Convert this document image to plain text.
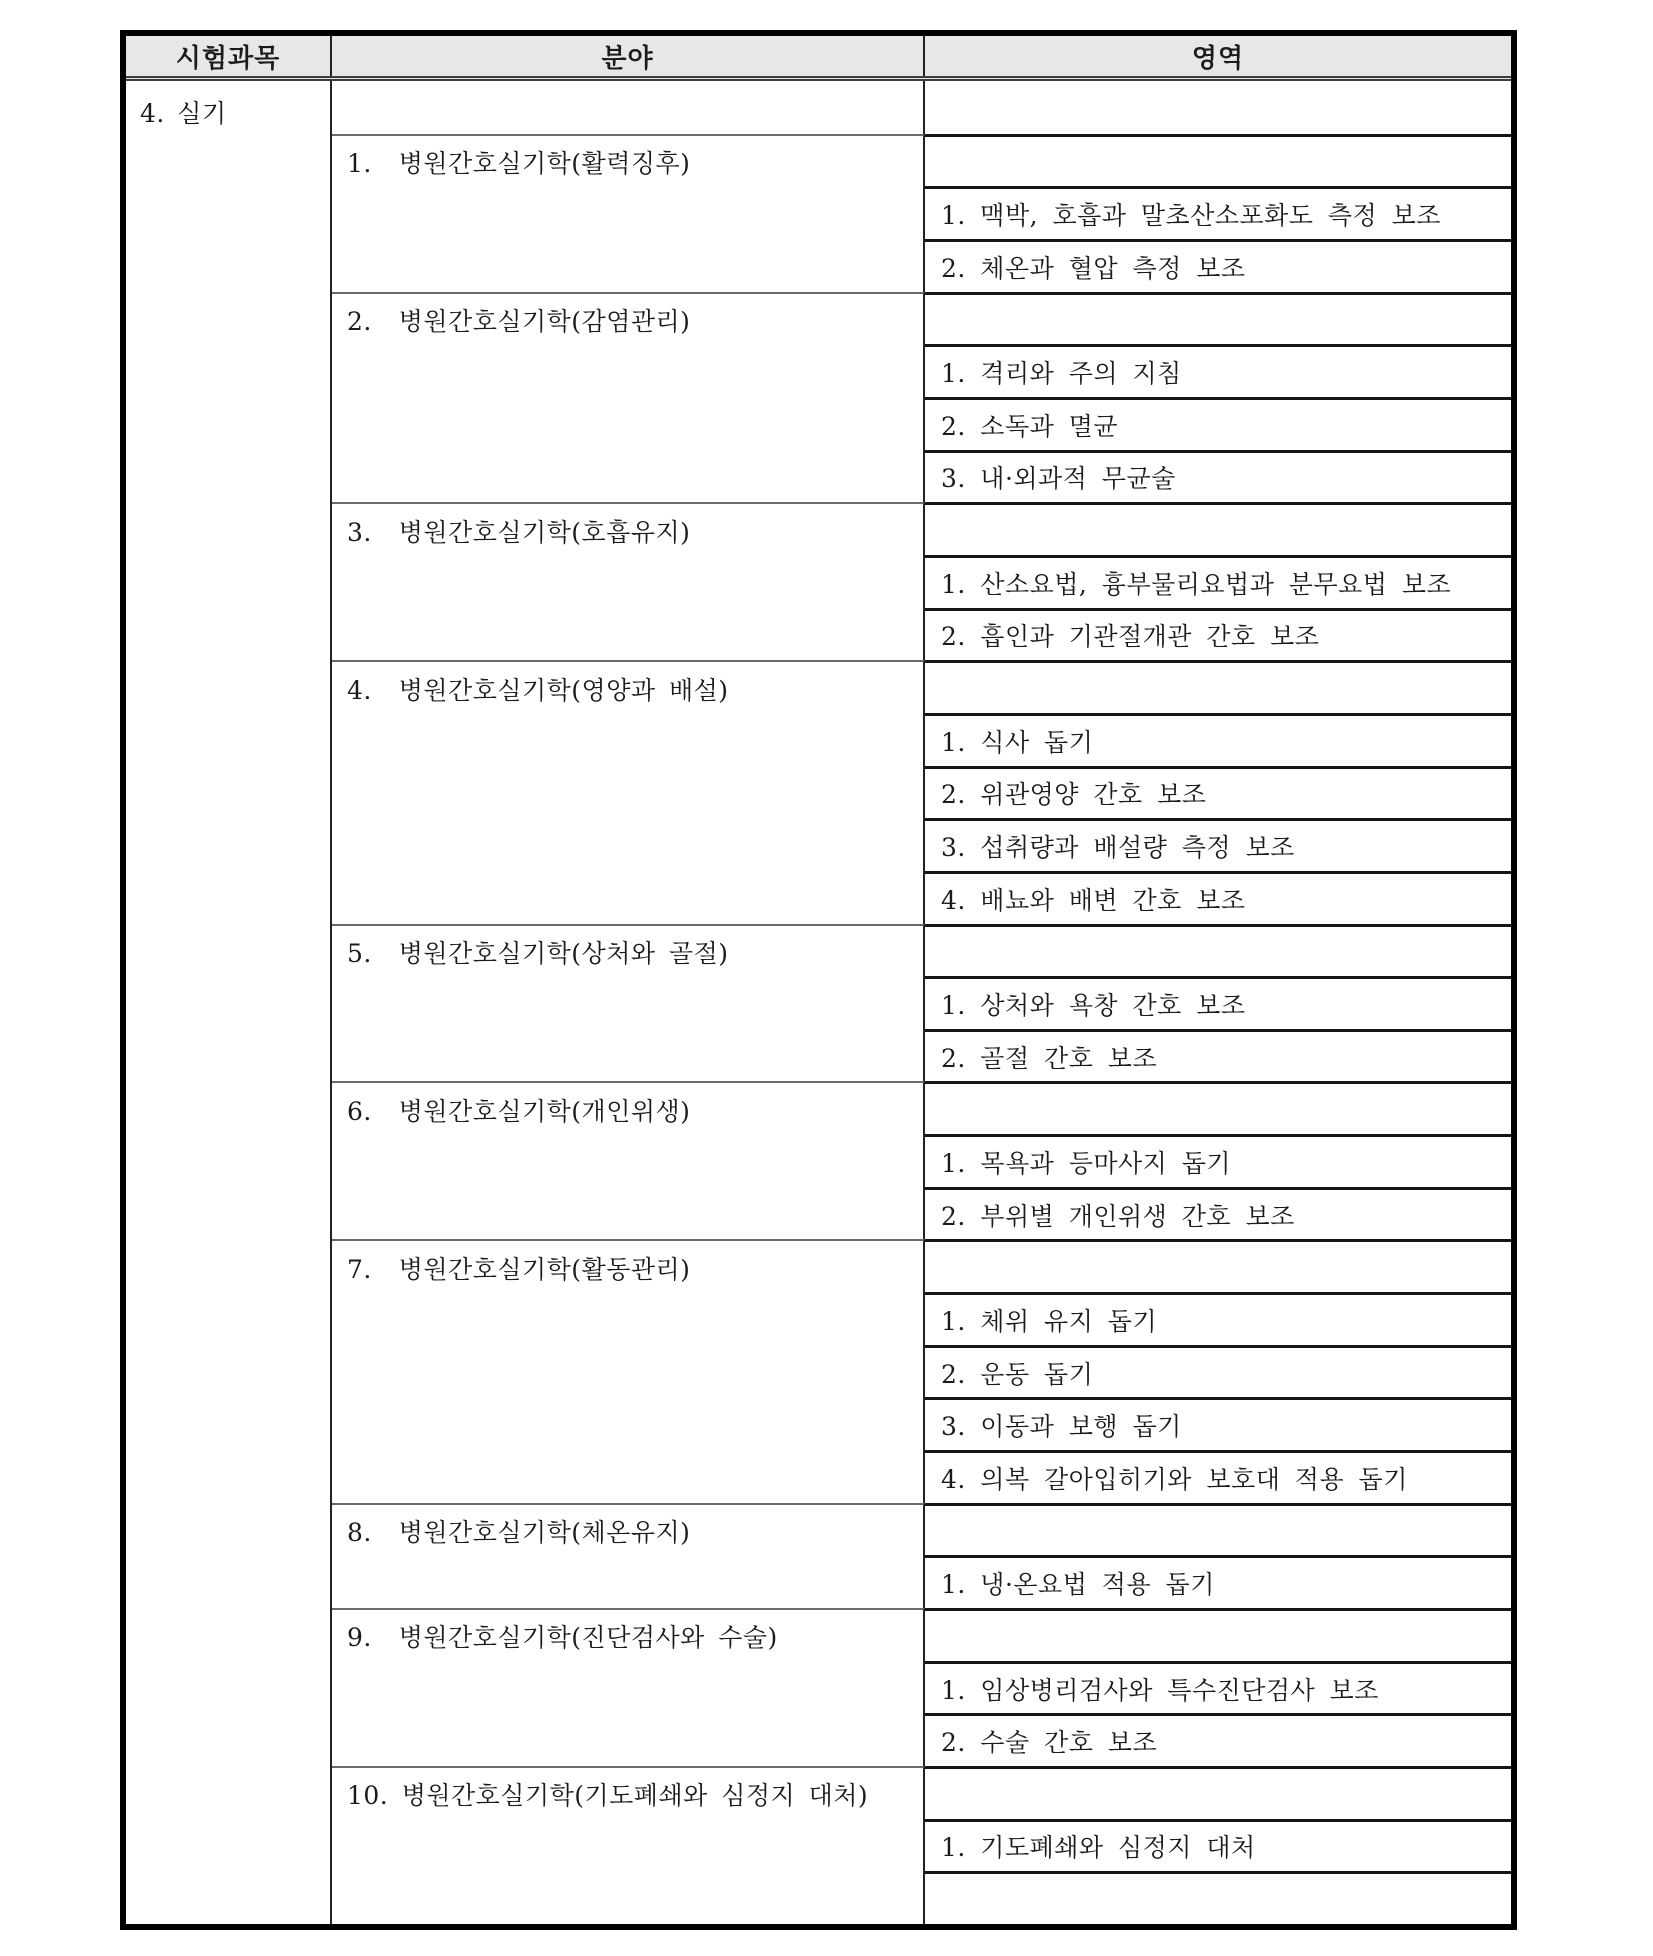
시험과목	분야	영역
4. 실기
1.  병원간호실기학(활력징후)
1. 맥박, 호흡과 말초산소포화도 측정 보조
2. 체온과 혈압 측정 보조
2.  병원간호실기학(감염관리)
1. 격리와 주의 지침
2. 소독과 멸균
3. 내·외과적 무균술
3.  병원간호실기학(호흡유지)
1. 산소요법, 흉부물리요법과 분무요법 보조
2. 흡인과 기관절개관 간호 보조
4.  병원간호실기학(영양과 배설)
1. 식사 돕기
2. 위관영양 간호 보조
3. 섭취량과 배설량 측정 보조
4. 배뇨와 배변 간호 보조
5.  병원간호실기학(상처와 골절)
1. 상처와 욕창 간호 보조
2. 골절 간호 보조
6.  병원간호실기학(개인위생)
1. 목욕과 등마사지 돕기
2. 부위별 개인위생 간호 보조
7.  병원간호실기학(활동관리)
1. 체위 유지 돕기
2. 운동 돕기
3. 이동과 보행 돕기
4. 의복 갈아입히기와 보호대 적용 돕기
8.  병원간호실기학(체온유지)
1. 냉·온요법 적용 돕기
9.  병원간호실기학(진단검사와 수술)
1. 임상병리검사와 특수진단검사 보조
2. 수술 간호 보조
10. 병원간호실기학(기도폐쇄와 심정지 대처)
1. 기도폐쇄와 심정지 대처
